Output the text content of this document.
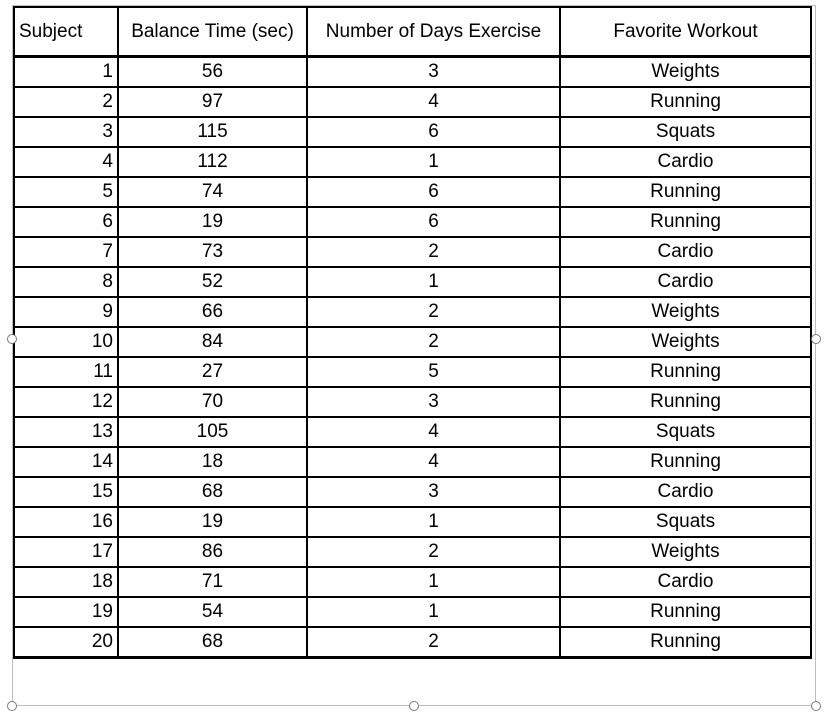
Subject	Balance Time (sec)	Number of Days Exercise	Favorite Workout
1	56	3	Weights
2	97	4	Running
3	115	6	Squats
4	112	1	Cardio
5	74	6	Running
6	19	6	Running
7	73	2	Cardio
8	52	1	Cardio
9	66	2	Weights
10	84	2	Weights
11	27	5	Running
12	70	3	Running
13	105	4	Squats
14	18	4	Running
15	68	3	Cardio
16	19	1	Squats
17	86	2	Weights
18	71	1	Cardio
19	54	1	Running
20	68	2	Running
